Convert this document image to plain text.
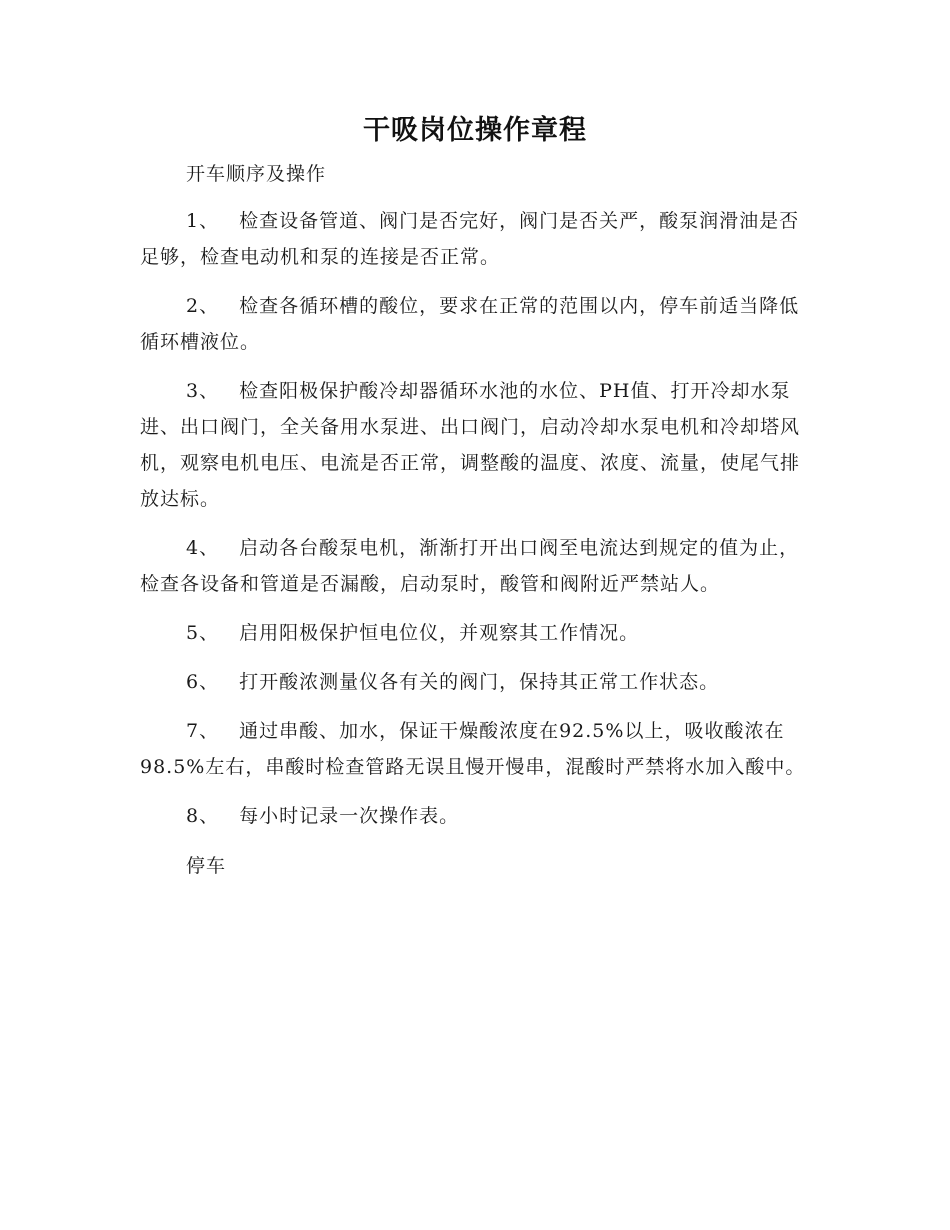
干吸岗位操作章程

开车顺序及操作

1、 检查设备管道、阀门是否完好，阀门是否关严，酸泵润滑油是否足够，检查电动机和泵的连接是否正常。

2、 检查各循环槽的酸位，要求在正常的范围以内，停车前适当降低循环槽液位。

3、 检查阳极保护酸冷却器循环水池的水位、PH值、打开冷却水泵进、出口阀门，全关备用水泵进、出口阀门，启动冷却水泵电机和冷却塔风机，观察电机电压、电流是否正常，调整酸的温度、浓度、流量，使尾气排放达标。

4、 启动各台酸泵电机，渐渐打开出口阀至电流达到规定的值为止，检查各设备和管道是否漏酸，启动泵时，酸管和阀附近严禁站人。

5、 启用阳极保护恒电位仪，并观察其工作情况。

6、 打开酸浓测量仪各有关的阀门，保持其正常工作状态。

7、 通过串酸、加水，保证干燥酸浓度在92.5%以上，吸收酸浓在98.5%左右，串酸时检查管路无误且慢开慢串，混酸时严禁将水加入酸中。

8、 每小时记录一次操作表。

停车
